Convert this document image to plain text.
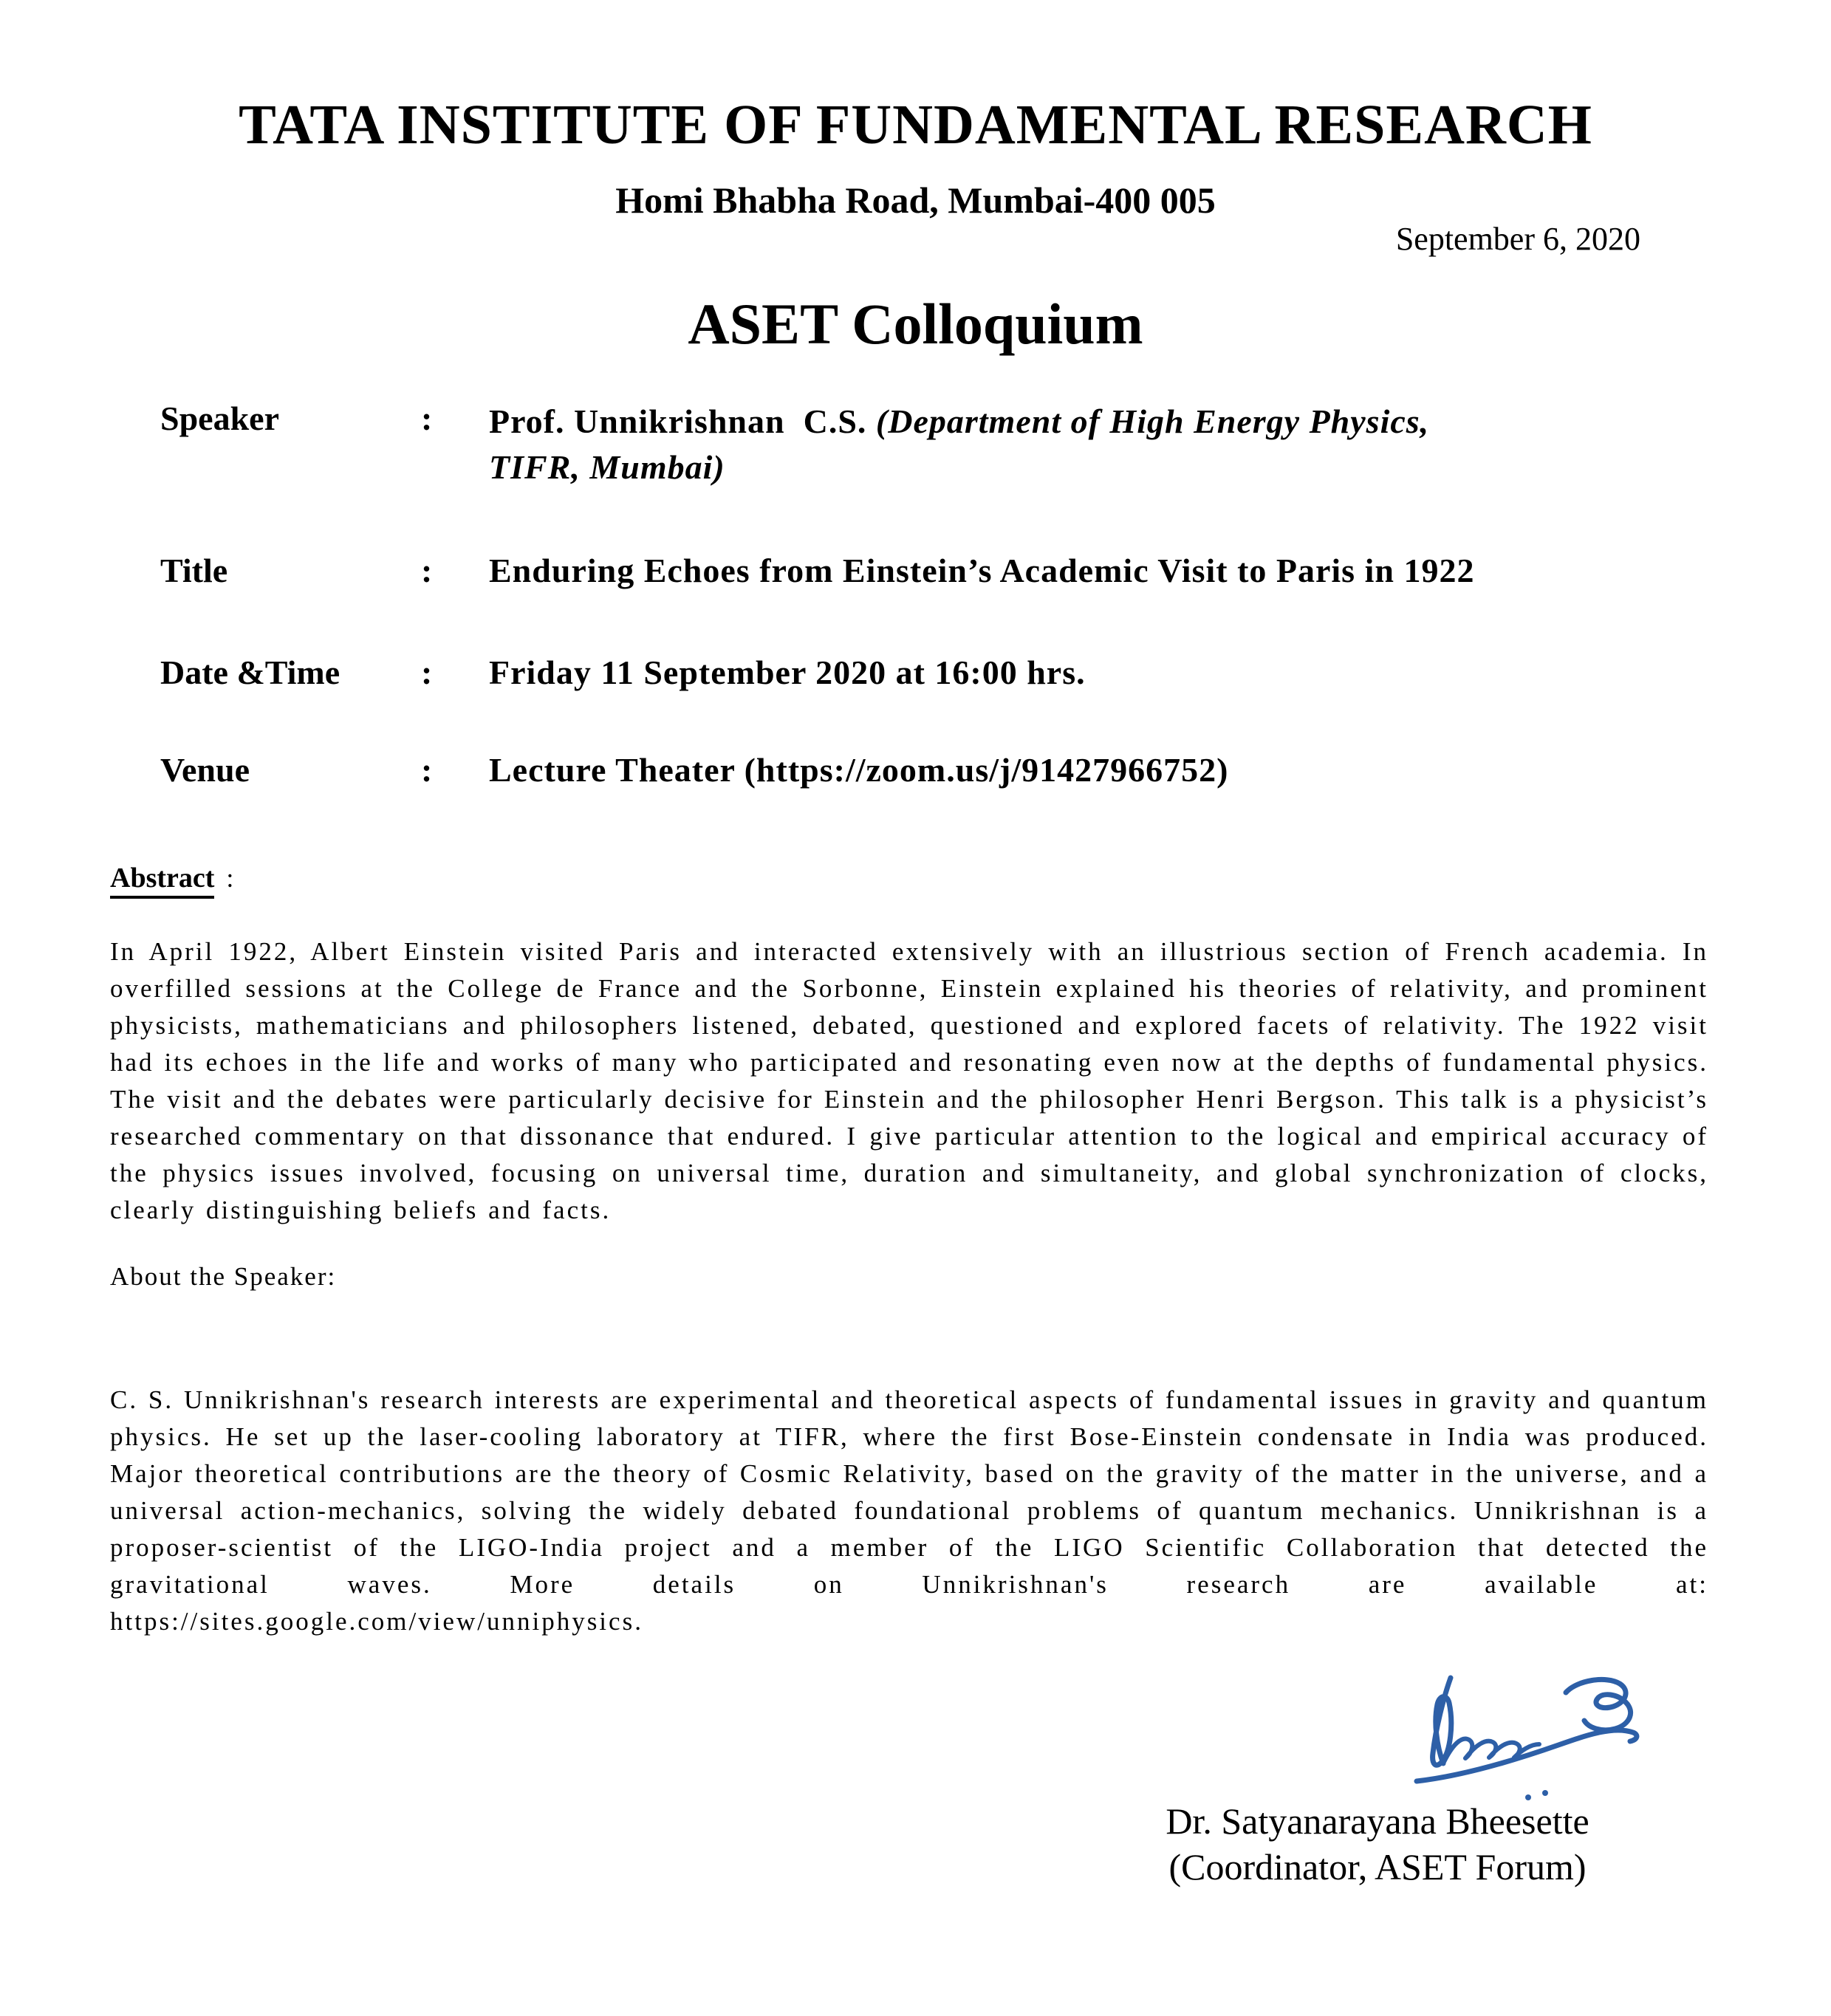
TATA INSTITUTE OF FUNDAMENTAL RESEARCH
Homi Bhabha Road, Mumbai-400 005
September 6, 2020
ASET Colloquium
Speaker	: Prof. Unnikrishnan  C.S. (Department of High Energy Physics,
TIFR, Mumbai)
Title	: Enduring Echoes from Einstein’s Academic Visit to Paris in 1922
Date &Time : Friday 11 September 2020 at 16:00 hrs.
Venue	: Lecture Theater (https://zoom.us/j/91427966752)
Abstract :
In April 1922, Albert Einstein visited Paris and interacted extensively with an illustrious section of French academia. In overfilled sessions at the College de France and the Sorbonne, Einstein explained his theories of relativity, and prominent physicists, mathematicians and philosophers listened, debated, questioned and explored facets of relativity. The 1922 visit had its echoes in the life and works of many who participated and resonating even now at the depths of fundamental physics. The visit and the debates were particularly decisive for Einstein and the philosopher Henri Bergson. This talk is a physicist’s researched commentary on that dissonance that endured. I give particular attention to the logical and empirical accuracy of the physics issues involved, focusing on universal time, duration and simultaneity, and global synchronization of clocks, clearly distinguishing beliefs and facts.
About the Speaker:
C. S. Unnikrishnan's research interests are experimental and theoretical aspects of fundamental issues in gravity and quantum physics. He set up the laser-cooling laboratory at TIFR, where the first Bose-Einstein condensate in India was produced. Major theoretical contributions are the theory of Cosmic Relativity, based on the gravity of the matter in the universe, and a universal action-mechanics, solving the widely debated foundational problems of quantum mechanics. Unnikrishnan is a proposer-scientist of the LIGO-India project and a member of the LIGO Scientific Collaboration that detected the gravitational waves. More details on Unnikrishnan's research are available at:
https://sites.google.com/view/unniphysics.
Dr. Satyanarayana Bheesette
(Coordinator, ASET Forum)
